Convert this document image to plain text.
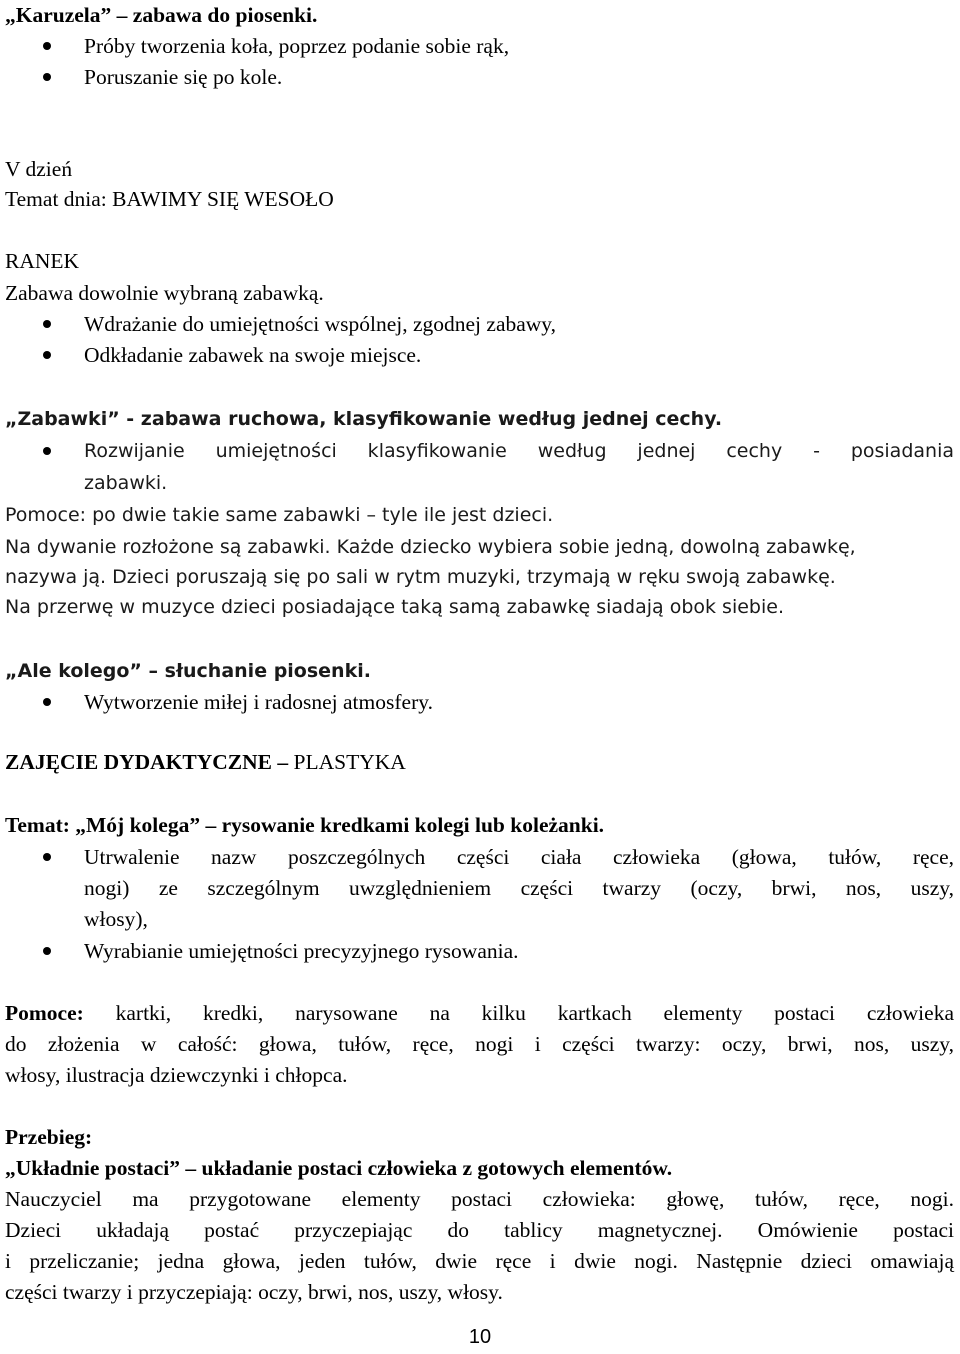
„Karuzela” – zabawa do piosenki.
Próby tworzenia koła, poprzez podanie sobie rąk,
Poruszanie się po kole.
V dzień
Temat dnia: BAWIMY SIĘ WESOŁO
RANEK
Zabawa dowolnie wybraną zabawką.
Wdrażanie do umiejętności wspólnej, zgodnej zabawy,
Odkładanie zabawek na swoje miejsce.
„Zabawki” - zabawa ruchowa, klasyfikowanie według jednej cechy.
Rozwijanie umiejętności klasyfikowanie według jednej cechy - posiadania
zabawki.
Pomoce: po dwie takie same zabawki – tyle ile jest dzieci.
Na dywanie rozłożone są zabawki. Każde dziecko wybiera sobie jedną, dowolną zabawkę,
nazywa ją. Dzieci poruszają się po sali w rytm muzyki, trzymają w ręku swoją zabawkę.
Na przerwę w muzyce dzieci posiadające taką samą zabawkę siadają obok siebie.
„Ale kolego” – słuchanie piosenki.
Wytworzenie miłej i radosnej atmosfery.
ZAJĘCIE DYDAKTYCZNE – PLASTYKA
Temat: „Mój kolega” – rysowanie kredkami kolegi lub koleżanki.
Utrwalenie nazw poszczególnych części ciała człowieka (głowa, tułów, ręce,
nogi) ze szczególnym uwzględnieniem części twarzy (oczy, brwi, nos, uszy,
włosy),
Wyrabianie umiejętności precyzyjnego rysowania.
Pomoce: kartki, kredki, narysowane na kilku kartkach elementy postaci człowieka
do złożenia w całość: głowa, tułów, ręce, nogi i części twarzy: oczy, brwi, nos, uszy,
włosy, ilustracja dziewczynki i chłopca.
Przebieg:
„Układnie postaci” – układanie postaci człowieka z gotowych elementów.
Nauczyciel ma przygotowane elementy postaci człowieka: głowę, tułów, ręce, nogi.
Dzieci układają postać przyczepiając do tablicy magnetycznej. Omówienie postaci
i przeliczanie; jedna głowa, jeden tułów, dwie ręce i dwie nogi. Następnie dzieci omawiają
części twarzy i przyczepiają: oczy, brwi, nos, uszy, włosy.
10
